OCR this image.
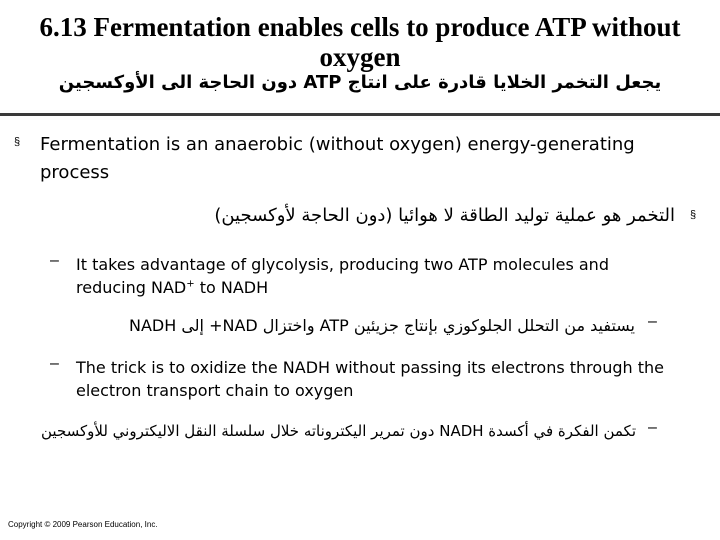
6.13 Fermentation enables cells to produce ATP without
oxygen
يجعل التخمر الخلايا قادرة على انتاج ATP دون الحاجة الى الأوكسجين
§ Fermentation is an anaerobic (without oxygen) energy-generating
process
§
التخمر هو عملية توليد الطاقة لا هوائيا (دون الحاجة لأوكسجين)
– It takes advantage of glycolysis, producing two ATP molecules and
reducing NAD+ to NADH
–
يستفيد من التحلل الجلوكوزي بإنتاج جزيئين ATP واختزال NAD+ إلى NADH
– The trick is to oxidize the NADH without passing its electrons through the
electron transport chain to oxygen
–
تكمن الفكرة في أكسدة NADH دون تمرير اليكتروناته خلال سلسلة النقل الاليكتروني للأوكسجين
Copyright © 2009 Pearson Education, Inc.
